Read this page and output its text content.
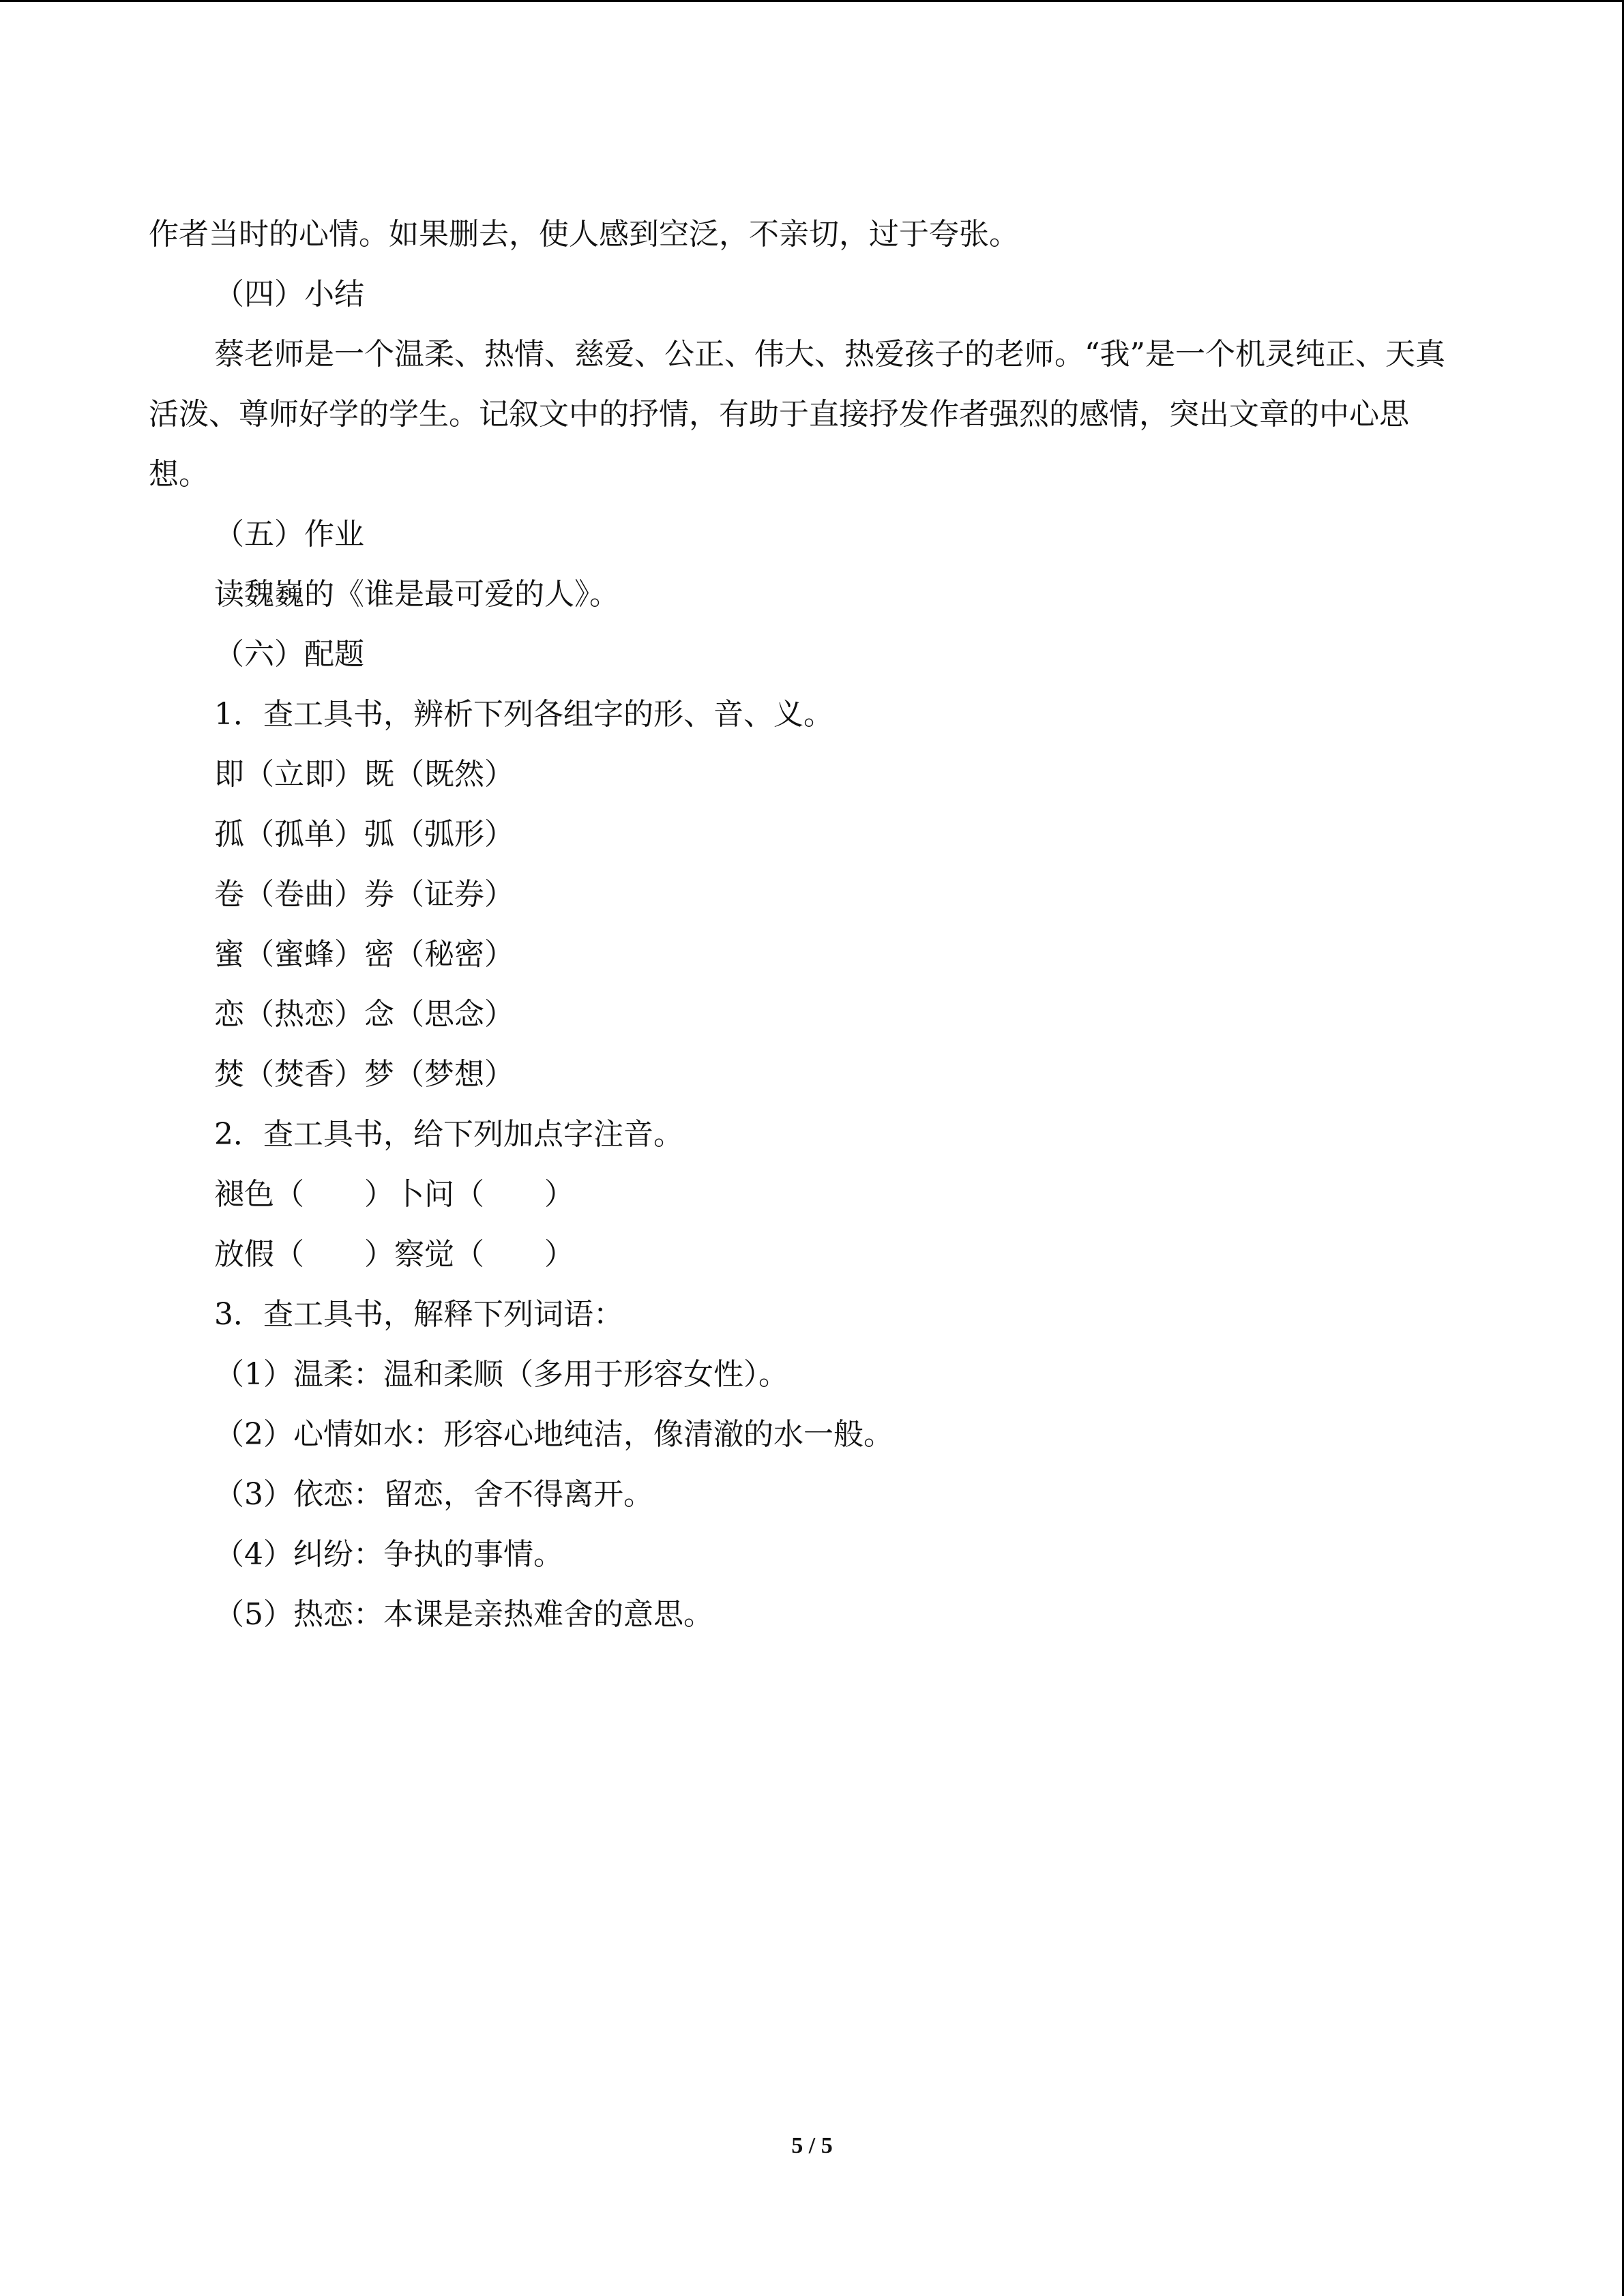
作者当时的心情。如果删去，使人感到空泛，不亲切，过于夸张。
（四）小结
蔡老师是一个温柔、热情、慈爱、公正、伟大、热爱孩子的老师。“我”是一个机灵纯正、天真活泼、尊师好学的学生。记叙文中的抒情，有助于直接抒发作者强烈的感情，突出文章的中心思想。
（五）作业
读魏巍的《谁是最可爱的人》。
（六）配题
1．查工具书，辨析下列各组字的形、音、义。
即（立即）既（既然）
孤（孤单）弧（弧形）
卷（卷曲）券（证券）
蜜（蜜蜂）密（秘密）
恋（热恋）念（思念）
焚（焚香）梦（梦想）
2．查工具书，给下列加点字注音。
褪色（　　）卜问（　　）
放假（　　）察觉（　　）
3．查工具书，解释下列词语：
（1）温柔：温和柔顺（多用于形容女性）。
（2）心情如水：形容心地纯洁，像清澈的水一般。
（3）依恋：留恋，舍不得离开。
（4）纠纷：争执的事情。
（5）热恋：本课是亲热难舍的意思。
5 / 5
